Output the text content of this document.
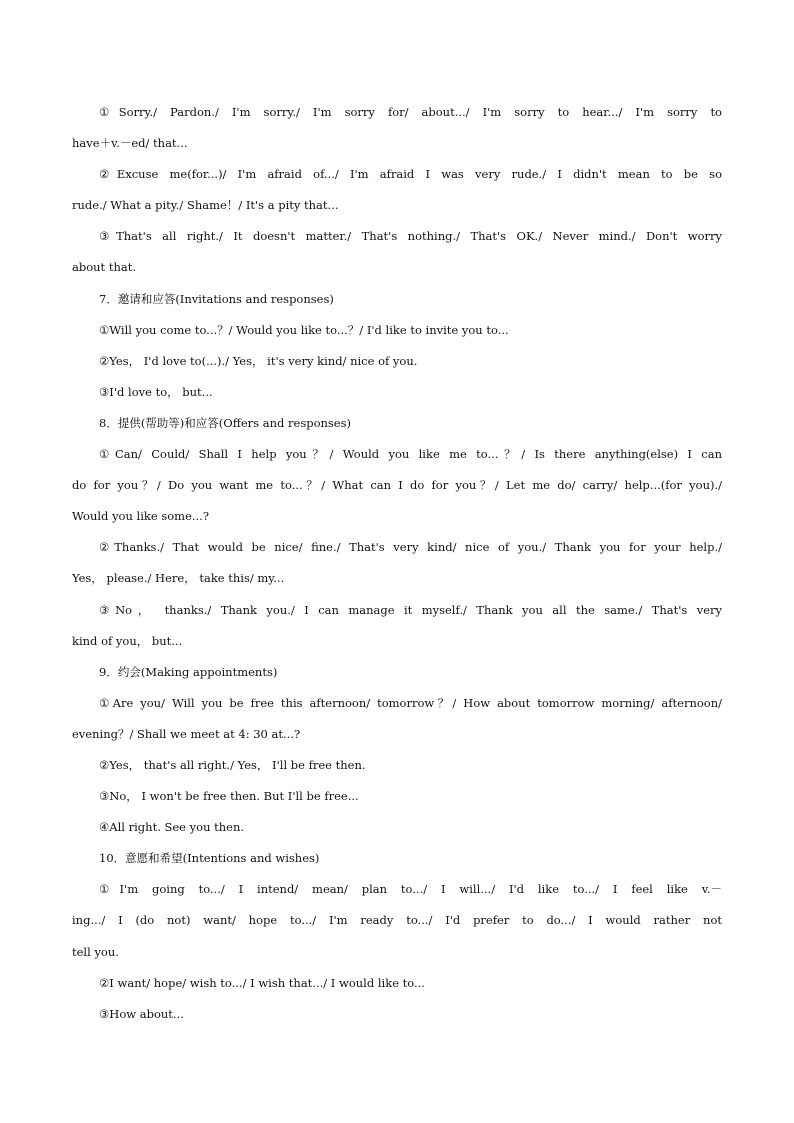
①Sorry./ Pardon./ I'm sorry./ I'm sorry for/ about.../ I'm sorry to hear.../ I'm sorry to
have＋v.－ed/ that...
②Excuse me(for...)/ I'm afraid of.../ I'm afraid I was very rude./ I didn't mean to be so
rude./ What a pity./ Shame！/ It's a pity that...
③That's all right./ It doesn't matter./ That's nothing./ That's OK./ Never mind./ Don't worry
about that.
7．邀请和应答(Invitations and responses)
①Will you come to...？/ Would you like to...？/ I'd like to invite you to...
②Yes， I'd love to(...)./ Yes， it's very kind/ nice of you.
③I'd love to， but...
8．提供(帮助等)和应答(Offers and responses)
①Can/ Could/ Shall I help you？/ Would you like me to...？/ Is there anything(else) I can
do for you？/ Do you want me to...？/ What can I do for you？/ Let me do/ carry/ help...(for you)./
Would you like some...?
②Thanks./ That would be nice/ fine./ That's very kind/ nice of you./ Thank you for your help./
Yes， please./ Here， take this/ my...
③No， thanks./ Thank you./ I can manage it myself./ Thank you all the same./ That's very
kind of you， but...
9．约会(Making appointments)
①Are you/ Will you be free this afternoon/ tomorrow？/ How about tomorrow morning/ afternoon/
evening？/ Shall we meet at 4: 30 at...?
②Yes， that's all right./ Yes， I'll be free then.
③No， I won't be free then. But I'll be free...
④All right. See you then.
10．意愿和希望(Intentions and wishes)
①I'm going to.../ I intend/ mean/ plan to.../ I will.../ I'd like to.../ I feel like v.－
ing.../ I (do not) want/ hope to.../ I'm ready to.../ I'd prefer to do.../ I would rather not
tell you.
②I want/ hope/ wish to.../ I wish that.../ I would like to...
③How about...
